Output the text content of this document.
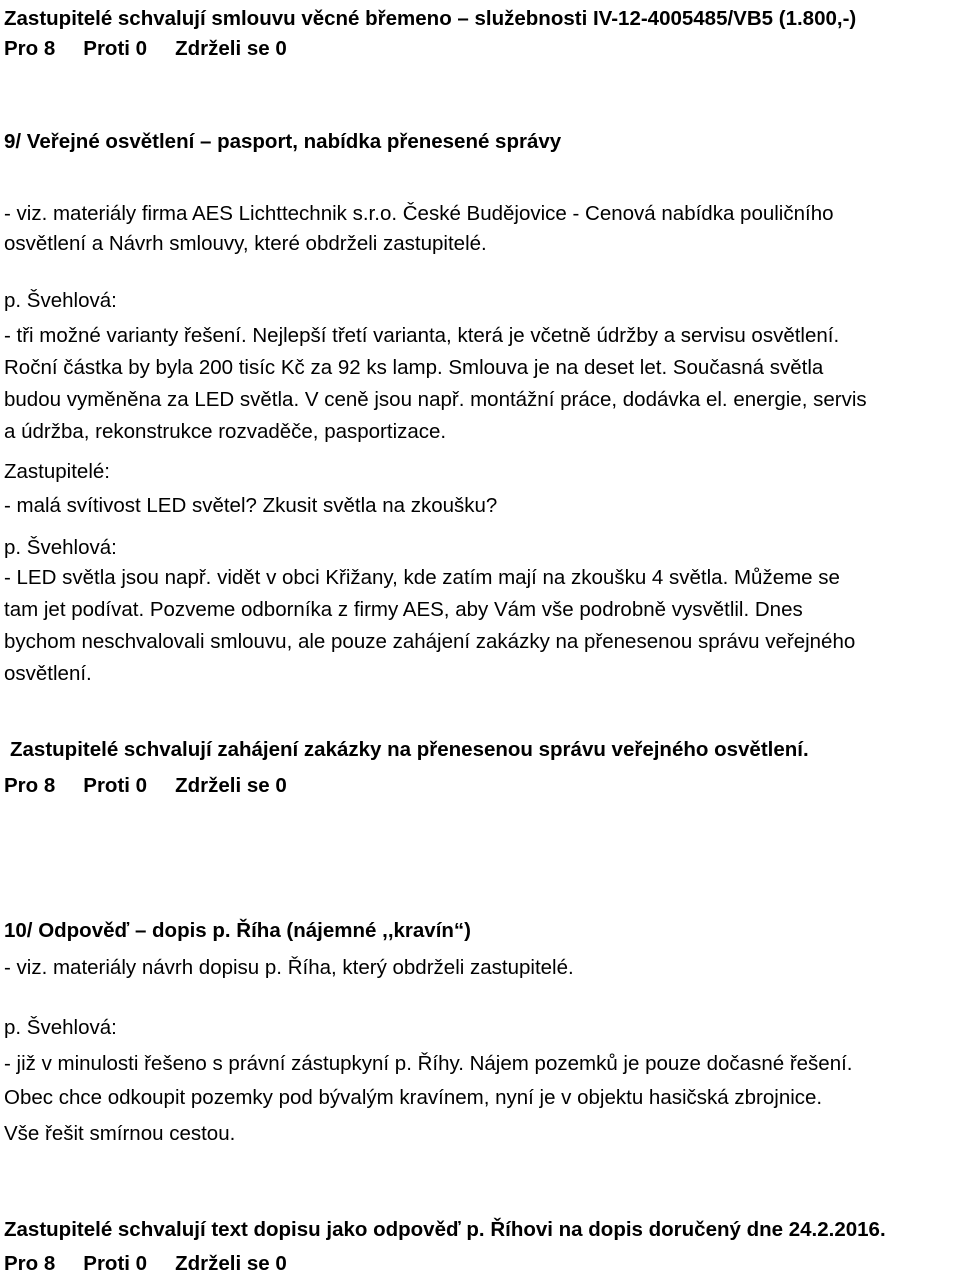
Zastupitelé schvalují smlouvu věcné břemeno – služebnosti IV-12-4005485/VB5 (1.800,-)
Pro 8 Proti 0 Zdrželi se 0
9/ Veřejné osvětlení – pasport, nabídka přenesené správy
- viz. materiály firma AES Lichttechnik s.r.o. České Budějovice - Cenová nabídka pouličního
osvětlení a Návrh smlouvy, které obdrželi zastupitelé.
p. Švehlová:
- tři možné varianty řešení. Nejlepší třetí varianta, která je včetně údržby a servisu osvětlení.
Roční částka by byla 200 tisíc Kč za 92 ks lamp. Smlouva je na deset let. Současná světla
budou vyměněna za LED světla. V ceně jsou např. montážní práce, dodávka el. energie, servis
a údržba, rekonstrukce rozvaděče, pasportizace.
Zastupitelé:
- malá svítivost LED světel? Zkusit světla na zkoušku?
p. Švehlová:
- LED světla jsou např. vidět v obci Křižany, kde zatím mají na zkoušku 4 světla. Můžeme se
tam jet podívat. Pozveme odborníka z firmy AES, aby Vám vše podrobně vysvětlil. Dnes
bychom neschvalovali smlouvu, ale pouze zahájení zakázky na přenesenou správu veřejného
osvětlení.
Zastupitelé schvalují zahájení zakázky na přenesenou správu veřejného osvětlení.
Pro 8 Proti 0 Zdrželi se 0
10/ Odpověď – dopis p. Říha (nájemné ,,kravín“)
- viz. materiály návrh dopisu p. Říha, který obdrželi zastupitelé.
p. Švehlová:
- již v minulosti řešeno s právní zástupkyní p. Říhy. Nájem pozemků je pouze dočasné řešení.
Obec chce odkoupit pozemky pod bývalým kravínem, nyní je v objektu hasičská zbrojnice.
Vše řešit smírnou cestou.
Zastupitelé schvalují text dopisu jako odpověď p. Říhovi na dopis doručený dne 24.2.2016.
Pro 8 Proti 0 Zdrželi se 0
